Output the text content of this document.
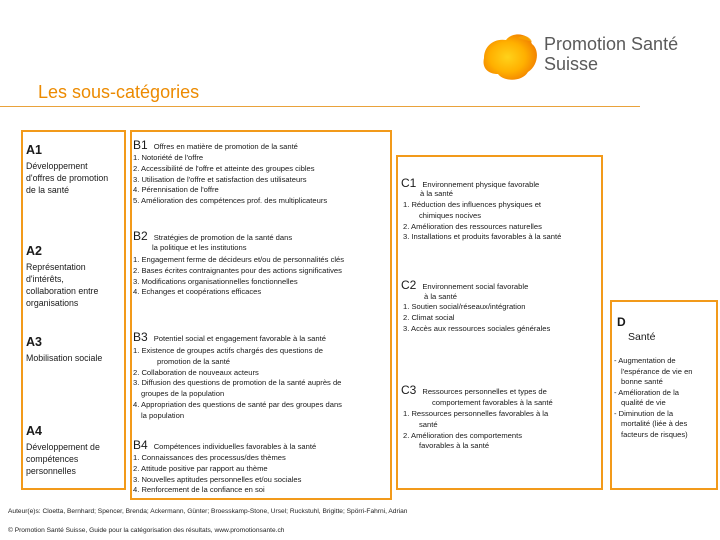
Promotion Santé
Suisse
Les sous-catégories
A1
Développement d'offres de promotion de la santé
A2
Représentation d'intérêts, collaboration entre organisations
A3
Mobilisation sociale
A4
Développement de compétences personnelles
B1 Offres en matière de promotion de la santé
1. Notoriété de l'offre
2. Accessibilité de l'offre et atteinte des groupes cibles
3. Utilisation de l'offre et satisfaction des utilisateurs
4. Pérennisation de l'offre
5. Amélioration des compétences prof. des multiplicateurs
B2 Stratégies de promotion de la santé dans
la politique et les institutions
1. Engagement ferme de décideurs et/ou de personnalités clés
2. Bases écrites contraignantes pour des actions significatives
3. Modifications organisationnelles fonctionnelles
4. Echanges et coopérations efficaces
B3 Potentiel social et engagement favorable à la santé
1. Existence de groupes actifs chargés des questions de
promotion de la santé
2. Collaboration de nouveaux acteurs
3. Diffusion des questions de promotion de la santé auprès de
groupes de la population
4. Appropriation des questions de santé par des groupes dans
la population
B4 Compétences individuelles favorables à la santé
1. Connaissances des processus/des thèmes
2. Attitude positive par rapport au thème
3. Nouvelles aptitudes personnelles et/ou sociales
4. Renforcement de la confiance en soi
C1 Environnement physique favorable
à la santé
1. Réduction des influences physiques et
chimiques nocives
2. Amélioration des ressources naturelles
3. Installations et produits favorables à la santé
C2 Environnement social favorable
à la santé
1. Soutien social/réseaux/intégration
2. Climat social
3. Accès aux ressources sociales générales
C3 Ressources personnelles et types de
comportement favorables à la santé
1. Ressources personnelles favorables à la
santé
2. Amélioration des comportements
favorables à la santé
D
Santé
- Augmentation de
l'espérance de vie en
bonne santé
- Amélioration de la
qualité de vie
- Diminution de la
mortalité (liée à des
facteurs de risques)
Auteur(e)s: Cloetta, Bernhard; Spencer, Brenda; Ackermann, Günter; Broesskamp-Stone, Ursel; Ruckstuhl, Brigitte; Spörri-Fahrni, Adrian
© Promotion Santé Suisse, Guide pour la catégorisation des résultats, www.promotionsante.ch
